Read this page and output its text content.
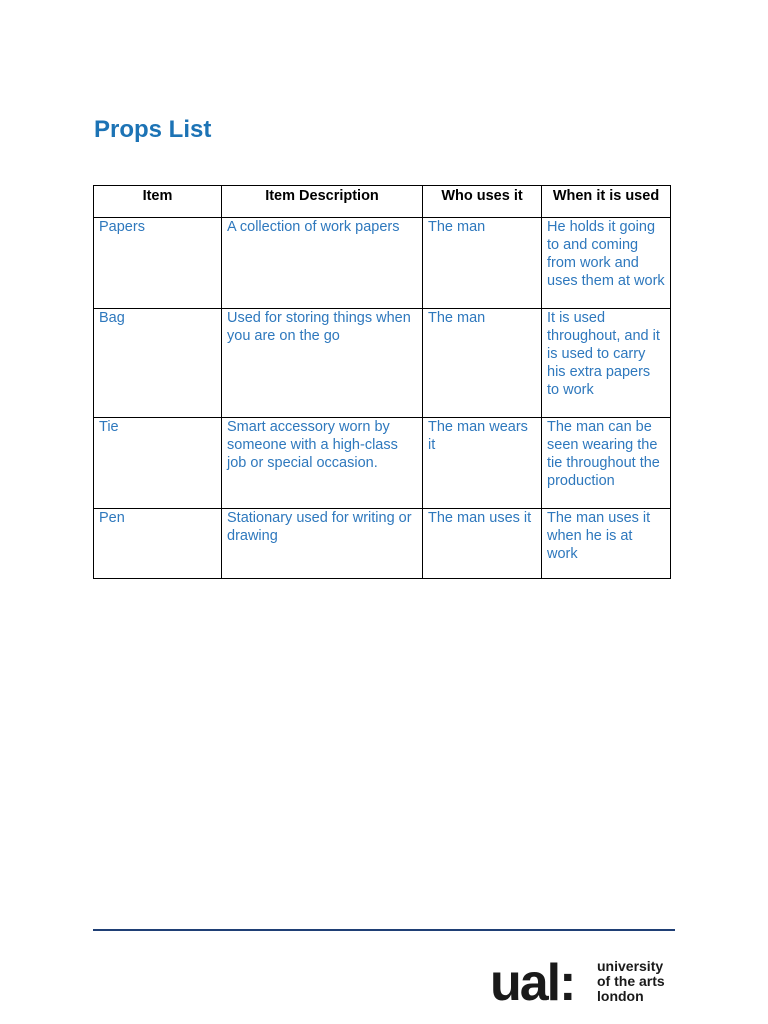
Props List
Item	Item Description	Who uses it	When it is used
Papers	A collection of work papers	The man	He holds it going to and coming from work and uses them at work
Bag	Used for storing things when you are on the go	The man	It is used throughout, and it is used to carry his extra papers to work
Tie	Smart accessory worn by someone with a high-class job or special occasion.	The man wears it	The man can be seen wearing the tie throughout the production
Pen	Stationary used for writing or drawing	The man uses it	The man uses it when he is at work
ual: university
of the arts
london
